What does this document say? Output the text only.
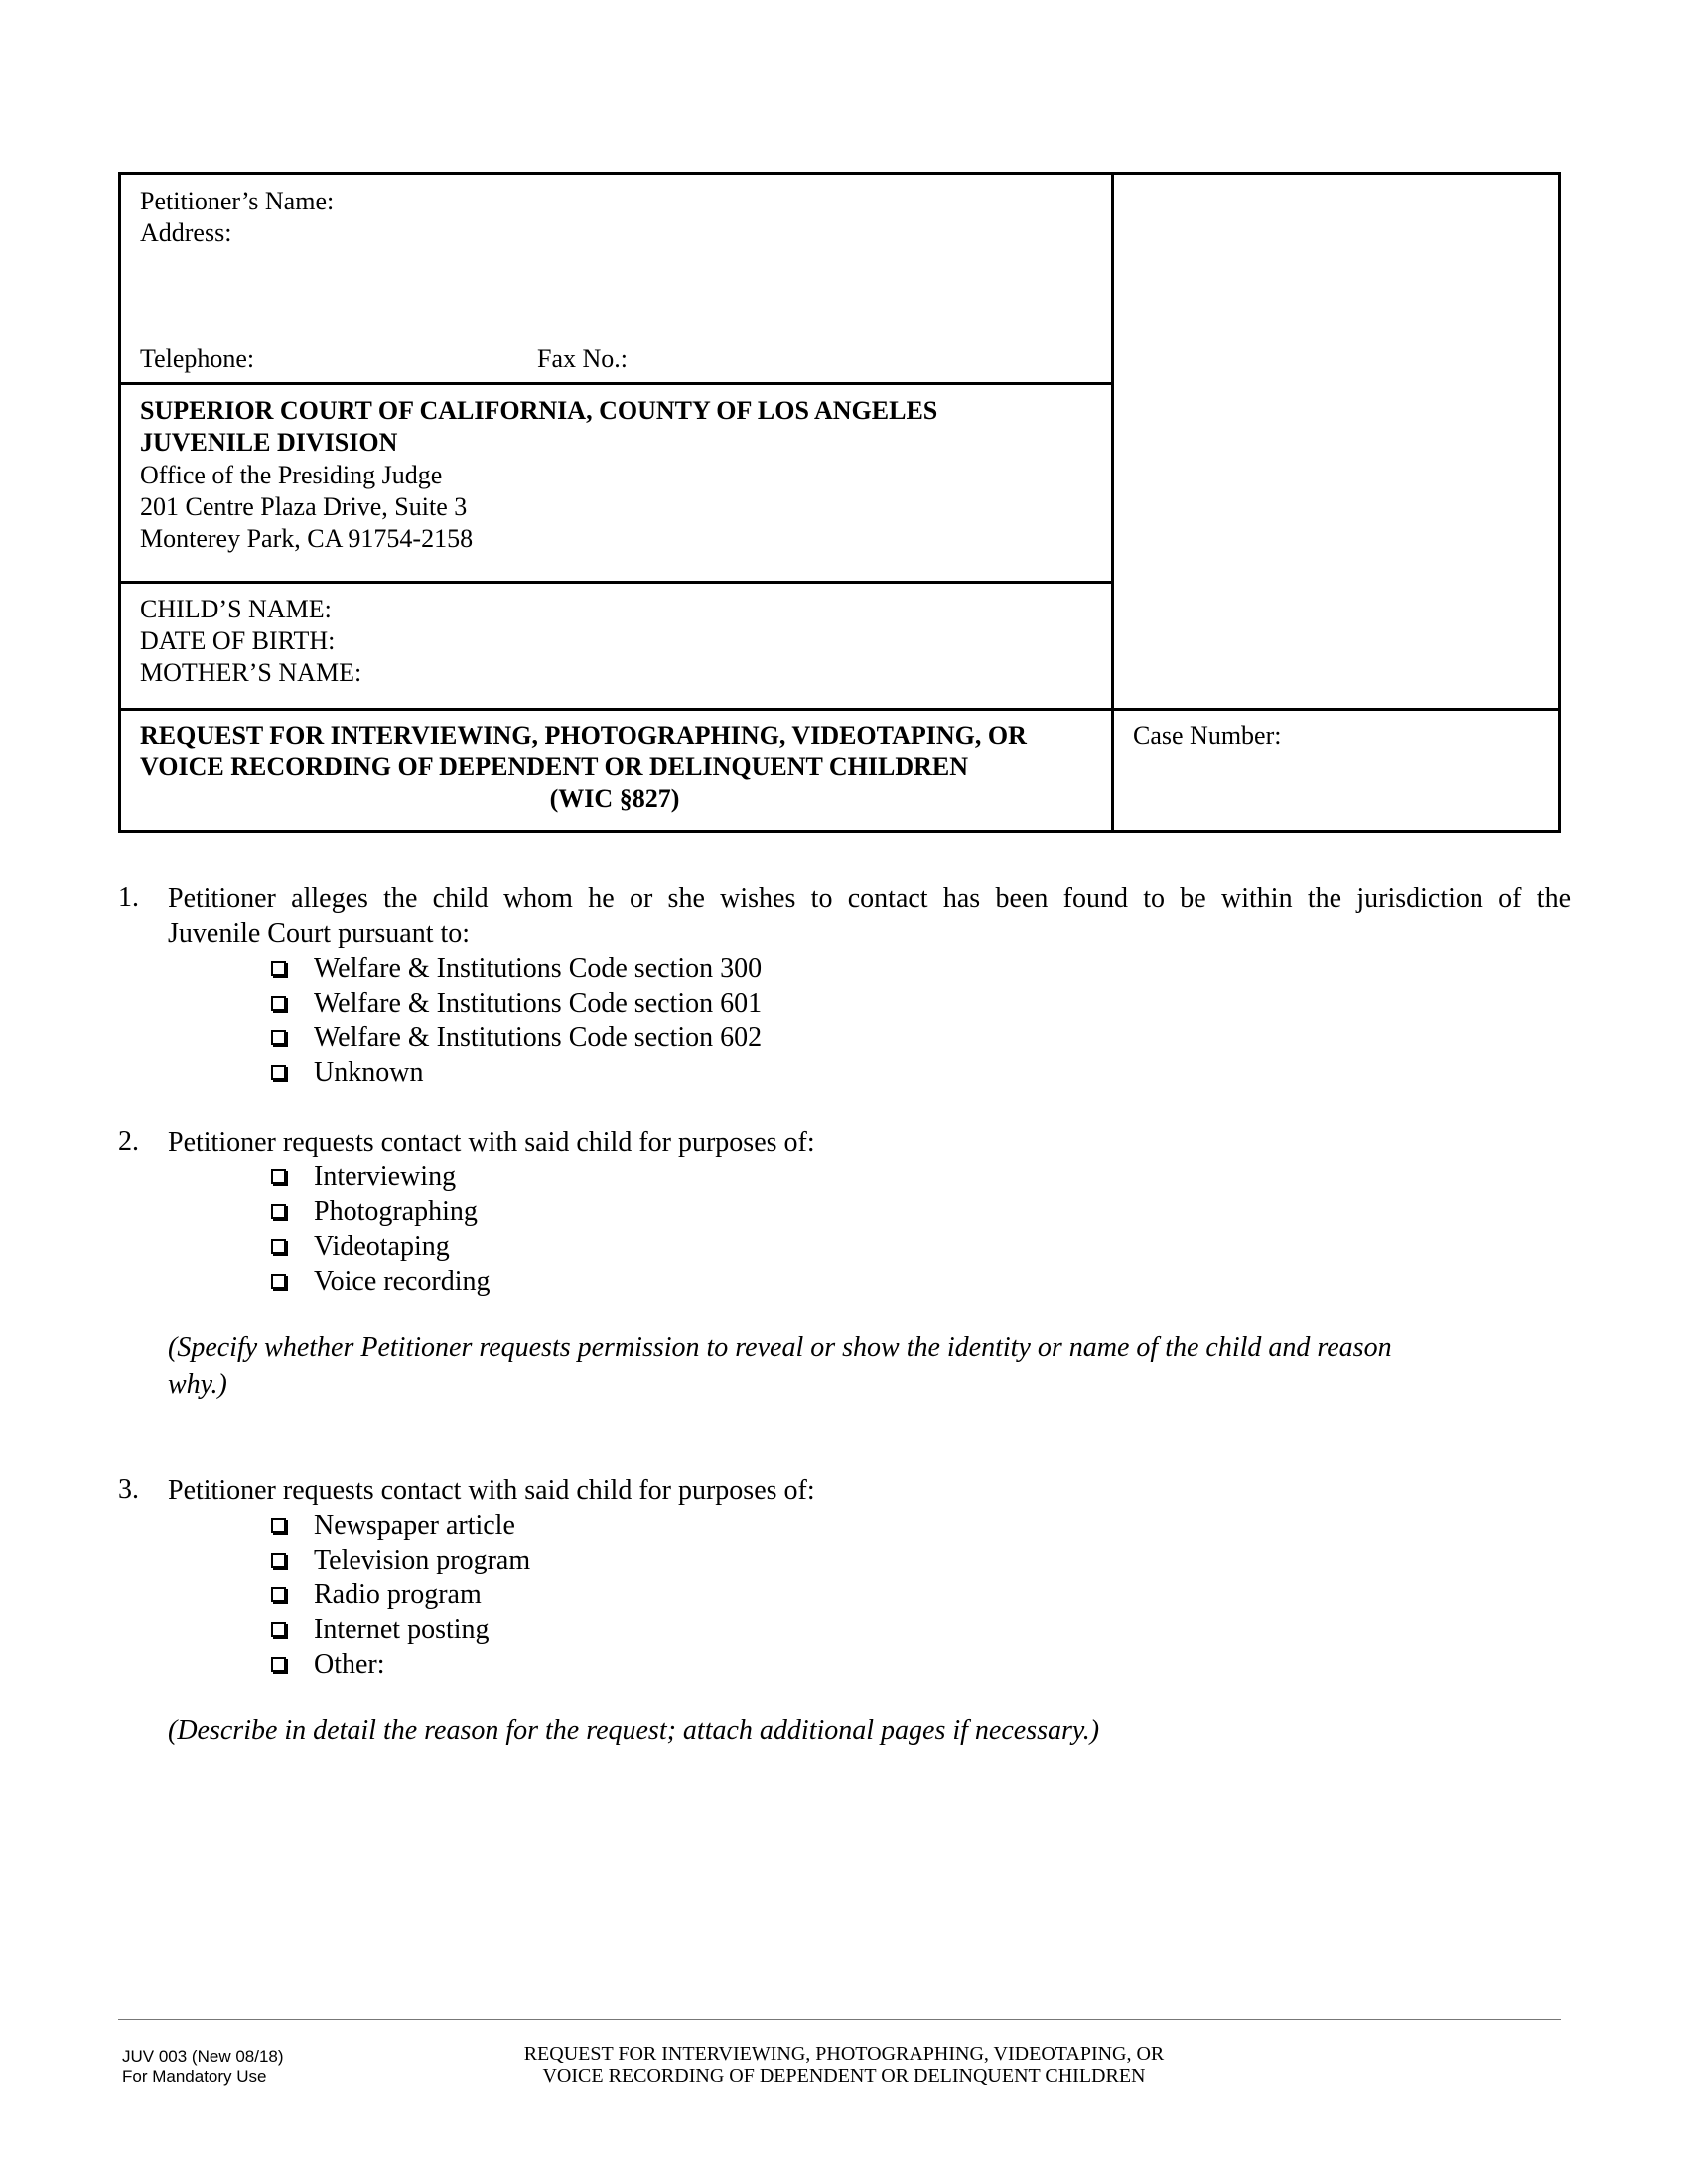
Petitioner’s Name:
Address:
Telephone:	Fax No.:
SUPERIOR COURT OF CALIFORNIA, COUNTY OF LOS ANGELES
JUVENILE DIVISION
Office of the Presiding Judge
201 Centre Plaza Drive, Suite 3
Monterey Park, CA 91754-2158
CHILD’S NAME:
DATE OF BIRTH:
MOTHER’S NAME:
REQUEST FOR INTERVIEWING, PHOTOGRAPHING, VIDEOTAPING, OR
VOICE RECORDING OF DEPENDENT OR DELINQUENT CHILDREN
(WIC §827)
Case Number:
1. Petitioner alleges the child whom he or she wishes to contact has been found to be within the jurisdiction of the
Juvenile Court pursuant to:
Welfare & Institutions Code section 300
Welfare & Institutions Code section 601
Welfare & Institutions Code section 602
Unknown
2. Petitioner requests contact with said child for purposes of:
Interviewing
Photographing
Videotaping
Voice recording
(Specify whether Petitioner requests permission to reveal or show the identity or name of the child and reason
why.)
3. Petitioner requests contact with said child for purposes of:
Newspaper article
Television program
Radio program
Internet posting
Other:
(Describe in detail the reason for the request; attach additional pages if necessary.)
JUV 003 (New 08/18)
For Mandatory Use
REQUEST FOR INTERVIEWING, PHOTOGRAPHING, VIDEOTAPING, OR
VOICE RECORDING OF DEPENDENT OR DELINQUENT CHILDREN
